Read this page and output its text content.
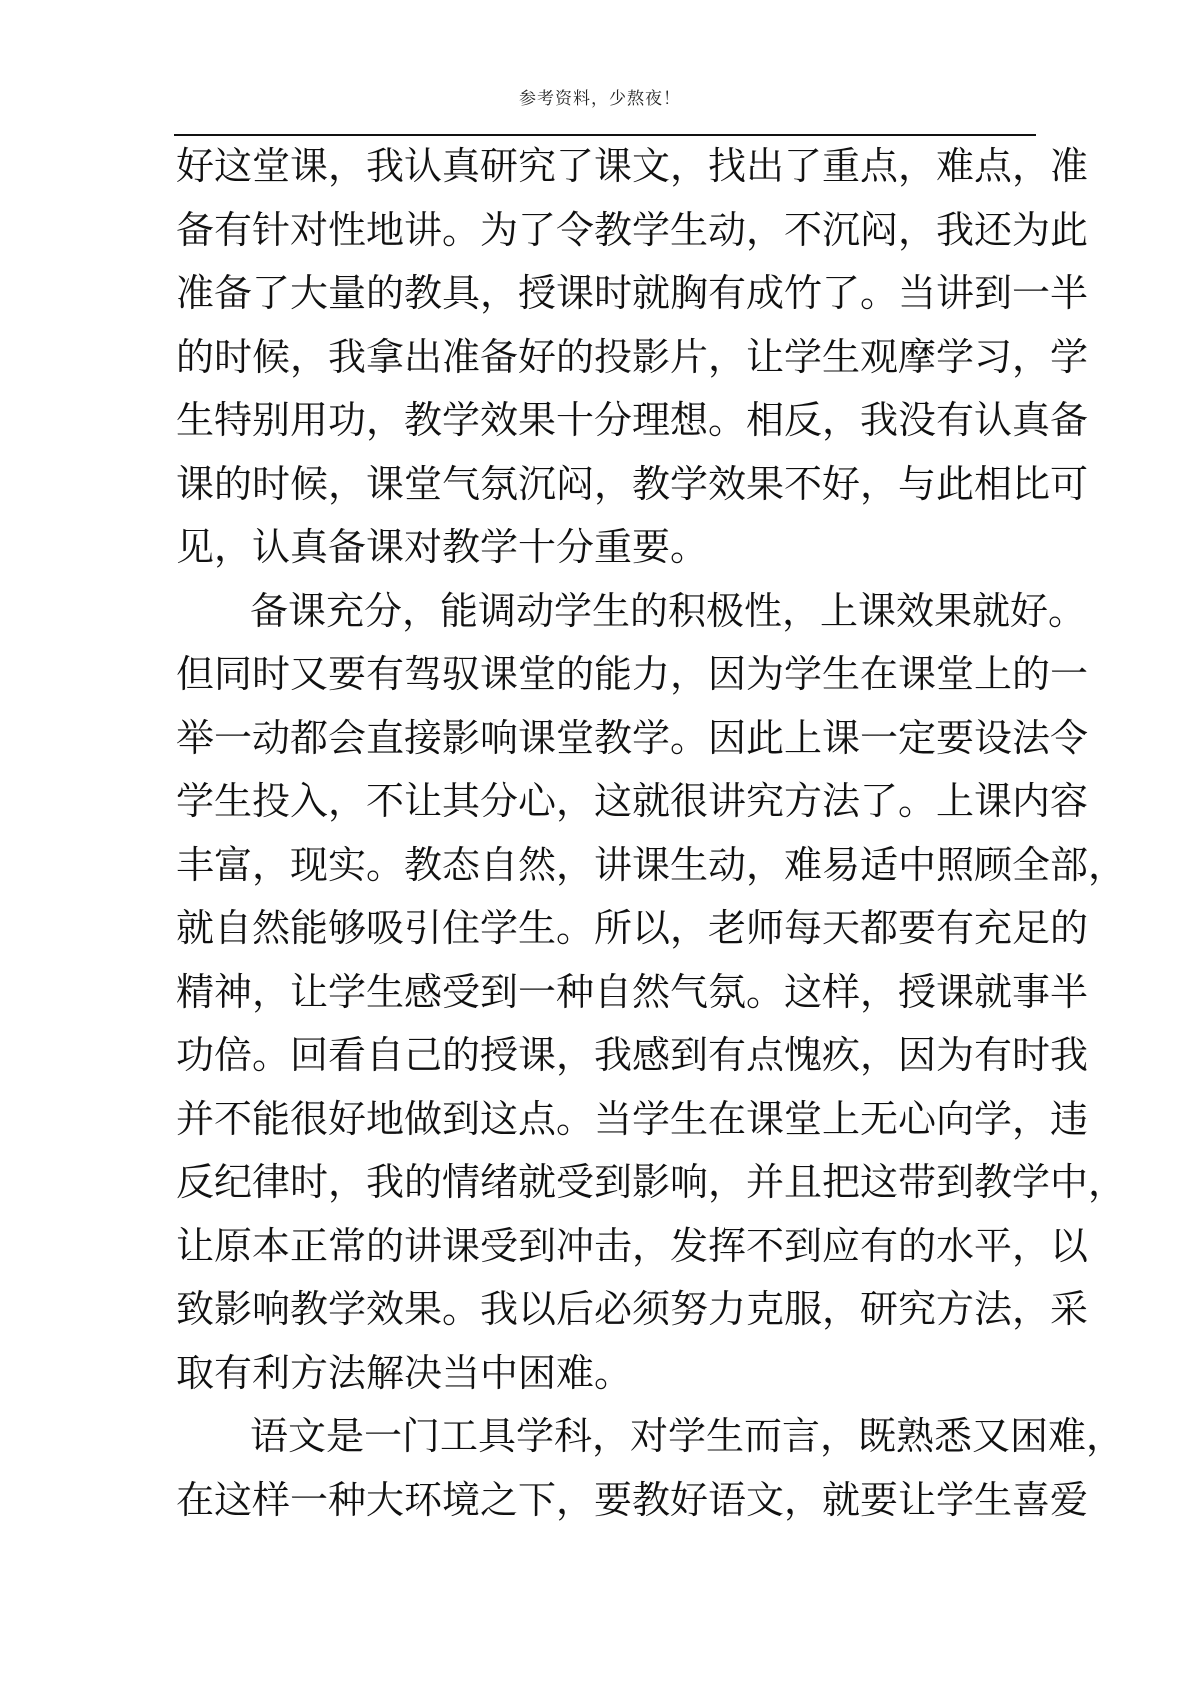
参考资料，少熬夜！
好这堂课，我认真研究了课文，找出了重点，难点，准
备有针对性地讲。为了令教学生动，不沉闷，我还为此
准备了大量的教具，授课时就胸有成竹了。当讲到一半
的时候，我拿出准备好的投影片，让学生观摩学习，学
生特别用功，教学效果十分理想。相反，我没有认真备
课的时候，课堂气氛沉闷，教学效果不好，与此相比可
见，认真备课对教学十分重要。
备课充分，能调动学生的积极性，上课效果就好。
但同时又要有驾驭课堂的能力，因为学生在课堂上的一
举一动都会直接影响课堂教学。因此上课一定要设法令
学生投入，不让其分心，这就很讲究方法了。上课内容
丰富，现实。教态自然，讲课生动，难易适中照顾全部，
就自然能够吸引住学生。所以，老师每天都要有充足的
精神，让学生感受到一种自然气氛。这样，授课就事半
功倍。回看自己的授课，我感到有点愧疚，因为有时我
并不能很好地做到这点。当学生在课堂上无心向学，违
反纪律时，我的情绪就受到影响，并且把这带到教学中，
让原本正常的讲课受到冲击，发挥不到应有的水平，以
致影响教学效果。我以后必须努力克服，研究方法，采
取有利方法解决当中困难。
语文是一门工具学科，对学生而言，既熟悉又困难，
在这样一种大环境之下，要教好语文，就要让学生喜爱
